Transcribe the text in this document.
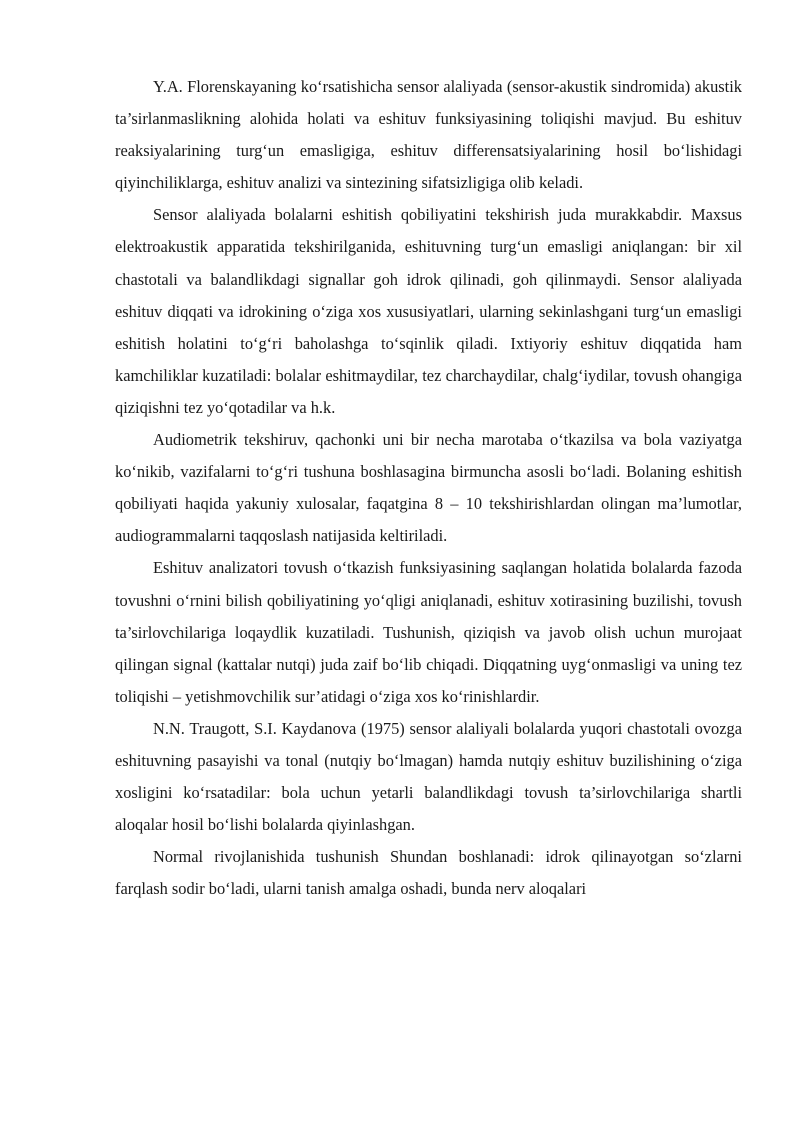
Y.A. Florenskayaning ko‘rsatishicha sensor alaliyada (sensor-akustik sindromida) akustik ta’sirlanmaslikning alohida holati va eshituv funksiyasining toliqishi mavjud. Bu eshituv reaksiyalarining turg‘un emasligiga, eshituv differensatsiyalarining hosil bo‘lishidagi qiyinchiliklarga, eshituv analizi va sintezining sifatsizligiga olib keladi.

Sensor alaliyada bolalarni eshitish qobiliyatini tekshirish juda murakkabdir. Maxsus elektroakustik apparatida tekshirilganida, eshituvning turg‘un emasligi aniqlangan: bir xil chastotali va balandlikdagi signallar goh idrok qilinadi, goh qilinmaydi. Sensor alaliyada eshituv diqqati va idrokining o‘ziga xos xususiyatlari, ularning sekinlashgani turg‘un emasligi eshitish holatini to‘g‘ri baholashga to‘sqinlik qiladi. Ixtiyoriy eshituv diqqatida ham kamchiliklar kuzatiladi: bolalar eshitmaydilar, tez charchaydilar, chalg‘iydilar, tovush ohangiga qiziqishni tez yo‘qotadilar va h.k.

Audiometrik tekshiruv, qachonki uni bir necha marotaba o‘tkazilsa va bola vaziyatga ko‘nikib, vazifalarni to‘g‘ri tushuna boshlasagina birmuncha asosli bo‘ladi. Bolaning eshitish qobiliyati haqida yakuniy xulosalar, faqatgina 8 – 10 tekshirishlardan olingan ma’lumotlar, audiogrammalarni taqqoslash natijasida keltiriladi.

Eshituv analizatori tovush o‘tkazish funksiyasining saqlangan holatida bolalarda fazoda tovushni o‘rnini bilish qobiliyatining yo‘qligi aniqlanadi, eshituv xotirasining buzilishi, tovush ta’sirlovchilariga loqaydlik kuzatiladi. Tushunish, qiziqish va javob olish uchun murojaat qilingan signal (kattalar nutqi) juda zaif bo‘lib chiqadi. Diqqatning uyg‘onmasligi va uning tez toliqishi – yetishmovchilik sur’atidagi o‘ziga xos ko‘rinishlardir.

N.N. Traugott, S.I. Kaydanova (1975) sensor alaliyali bolalarda yuqori chastotali ovozga eshituvning pasayishi va tonal (nutqiy bo‘lmagan) hamda nutqiy eshituv buzilishining o‘ziga xosligini ko‘rsatadilar: bola uchun yetarli balandlikdagi tovush ta’sirlovchilariga shartli aloqalar hosil bo‘lishi bolalarda qiyinlashgan.

Normal rivojlanishida tushunish Shundan boshlanadi: idrok qilinayotgan so‘zlarni farqlash sodir bo‘ladi, ularni tanish amalga oshadi, bunda nerv aloqalari
